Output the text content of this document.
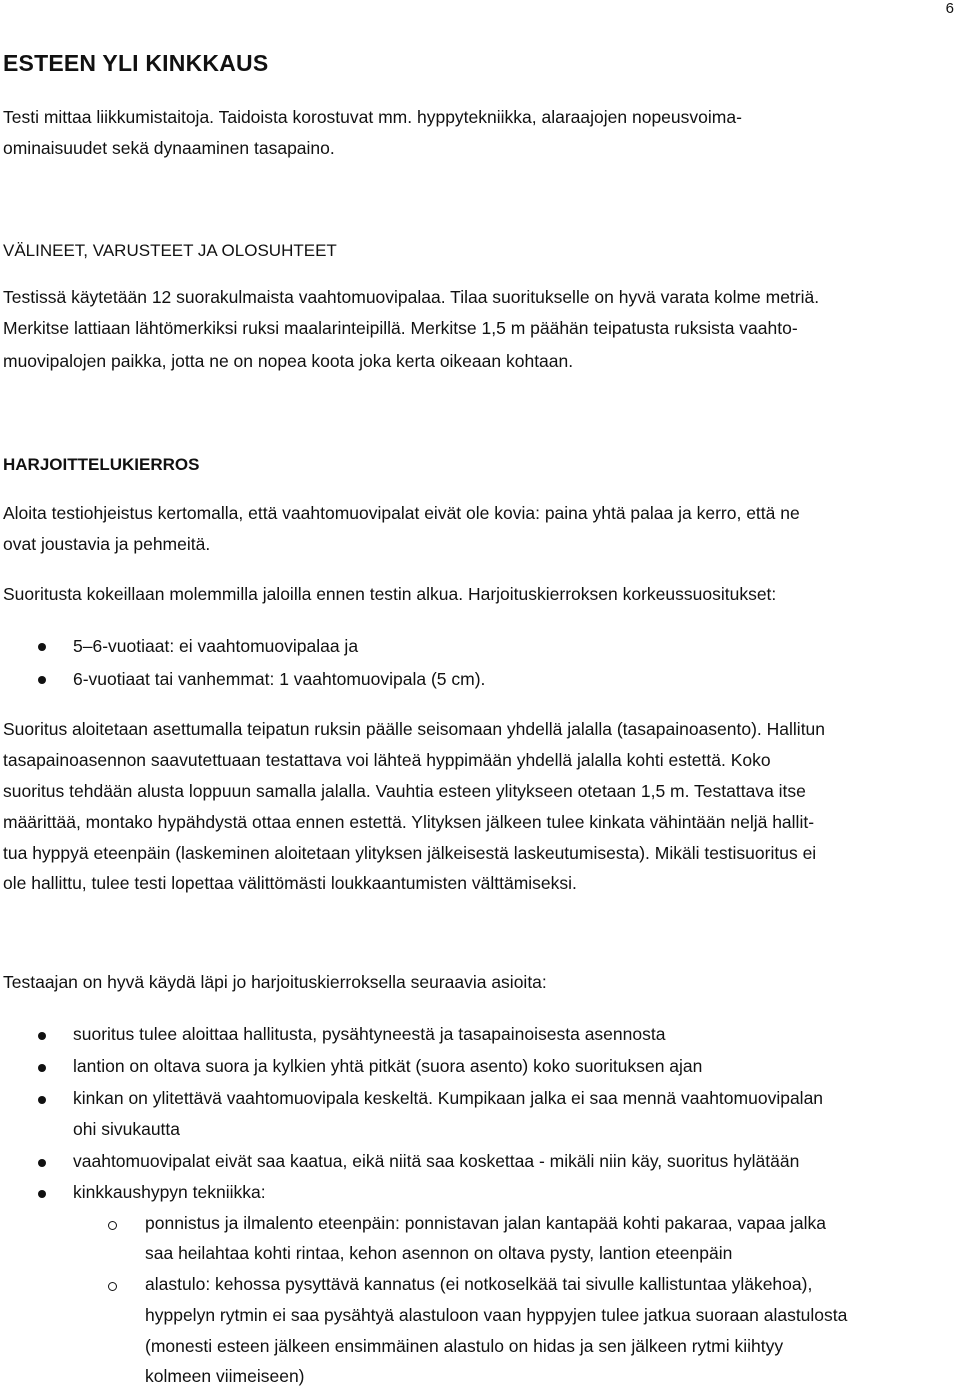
6
ESTEEN YLI KINKKAUS
Testi mittaa liikkumistaitoja. Taidoista korostuvat mm. hyppytekniikka, alaraajojen nopeusvoima-
ominaisuudet sekä dynaaminen tasapaino.
VÄLINEET, VARUSTEET JA OLOSUHTEET
Testissä käytetään 12 suorakulmaista vaahtomuovipalaa. Tilaa suoritukselle on hyvä varata kolme metriä.
Merkitse lattiaan lähtömerkiksi ruksi maalarinteipillä. Merkitse 1,5 m päähän teipatusta ruksista vaahto-
muovipalojen paikka, jotta ne on nopea koota joka kerta oikeaan kohtaan.
HARJOITTELUKIERROS
Aloita testiohjeistus kertomalla, että vaahtomuovipalat eivät ole kovia: paina yhtä palaa ja kerro, että ne
ovat joustavia ja pehmeitä.
Suoritusta kokeillaan molemmilla jaloilla ennen testin alkua. Harjoituskierroksen korkeussuositukset:
5–6-vuotiaat: ei vaahtomuovipalaa ja
6-vuotiaat tai vanhemmat: 1 vaahtomuovipala (5 cm).
Suoritus aloitetaan asettumalla teipatun ruksin päälle seisomaan yhdellä jalalla (tasapainoasento). Hallitun
tasapainoasennon saavutettuaan testattava voi lähteä hyppimään yhdellä jalalla kohti estettä. Koko
suoritus tehdään alusta loppuun samalla jalalla. Vauhtia esteen ylitykseen otetaan 1,5 m. Testattava itse
määrittää, montako hypähdystä ottaa ennen estettä. Ylityksen jälkeen tulee kinkata vähintään neljä hallit-
tua hyppyä eteenpäin (laskeminen aloitetaan ylityksen jälkeisestä laskeutumisesta). Mikäli testisuoritus ei
ole hallittu, tulee testi lopettaa välittömästi loukkaantumisten välttämiseksi.
Testaajan on hyvä käydä läpi jo harjoituskierroksella seuraavia asioita:
suoritus tulee aloittaa hallitusta, pysähtyneestä ja tasapainoisesta asennosta
lantion on oltava suora ja kylkien yhtä pitkät (suora asento) koko suorituksen ajan
kinkan on ylitettävä vaahtomuovipala keskeltä. Kumpikaan jalka ei saa mennä vaahtomuovipalan
ohi sivukautta
vaahtomuovipalat eivät saa kaatua, eikä niitä saa koskettaa - mikäli niin käy, suoritus hylätään
kinkkaushypyn tekniikka:
ponnistus ja ilmalento eteenpäin: ponnistavan jalan kantapää kohti pakaraa, vapaa jalka
saa heilahtaa kohti rintaa, kehon asennon on oltava pysty, lantion eteenpäin
alastulo: kehossa pysyttävä kannatus (ei notkoselkää tai sivulle kallistuntaa yläkehoa),
hyppelyn rytmin ei saa pysähtyä alastuloon vaan hyppyjen tulee jatkua suoraan alastulosta
(monesti esteen jälkeen ensimmäinen alastulo on hidas ja sen jälkeen rytmi kiihtyy
kolmeen viimeiseen)
